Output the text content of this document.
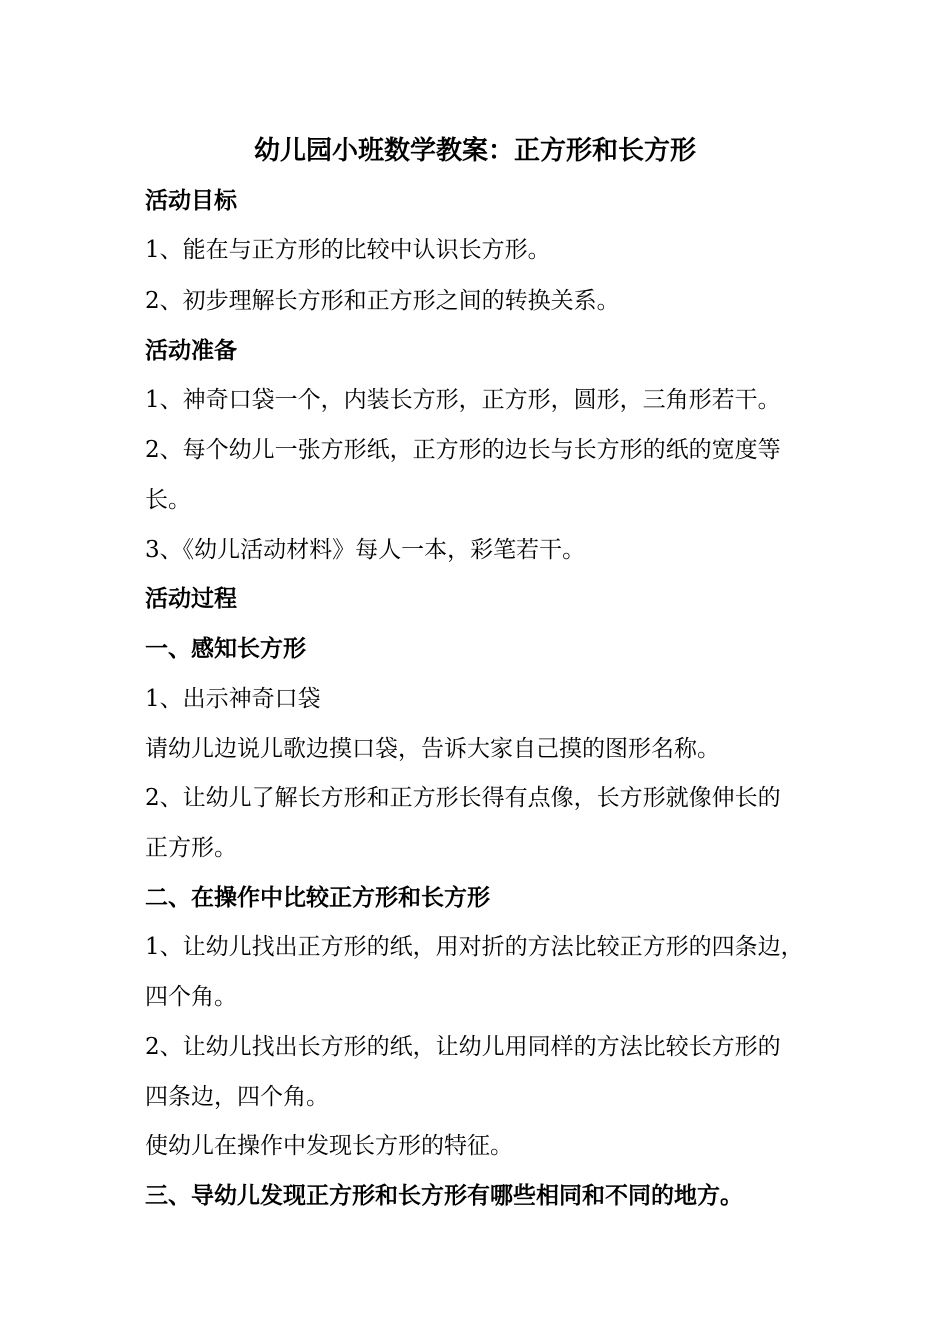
幼儿园小班数学教案：正方形和长方形
活动目标
1、能在与正方形的比较中认识长方形。
2、初步理解长方形和正方形之间的转换关系。
活动准备
1、神奇口袋一个，内装长方形，正方形，圆形，三角形若干。
2、每个幼儿一张方形纸，正方形的边长与长方形的纸的宽度等
长。
3、《幼儿活动材料》每人一本，彩笔若干。
活动过程
一、感知长方形
1、出示神奇口袋
请幼儿边说儿歌边摸口袋，告诉大家自己摸的图形名称。
2、让幼儿了解长方形和正方形长得有点像，长方形就像伸长的
正方形。
二、在操作中比较正方形和长方形
1、让幼儿找出正方形的纸，用对折的方法比较正方形的四条边，
四个角。
2、让幼儿找出长方形的纸，让幼儿用同样的方法比较长方形的
四条边，四个角。
使幼儿在操作中发现长方形的特征。
三、导幼儿发现正方形和长方形有哪些相同和不同的地方。
